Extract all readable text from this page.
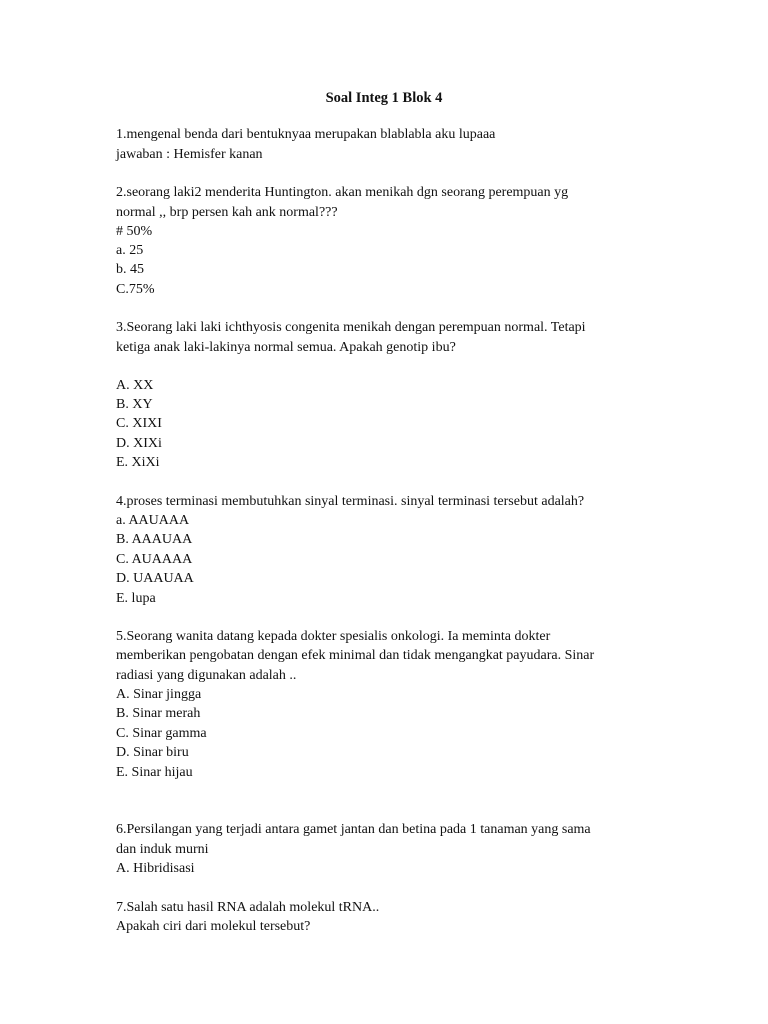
Soal Integ 1 Blok 4
1.mengenal benda dari bentuknyaa merupakan blablabla aku lupaaa
jawaban : Hemisfer kanan
2.seorang laki2 menderita Huntington. akan menikah dgn seorang perempuan yg
normal ,, brp persen kah ank normal???
# 50%
a. 25
b. 45
C.75%
3.Seorang laki laki ichthyosis congenita menikah dengan perempuan normal. Tetapi
ketiga anak laki-lakinya normal semua. Apakah genotip ibu?
A. XX
B. XY
C. XIXI
D. XIXi
E. XiXi
4.proses terminasi membutuhkan sinyal terminasi. sinyal terminasi tersebut adalah?
a. AAUAAA
B. AAAUAA
C. AUAAAA
D. UAAUAA
E. lupa
5.Seorang wanita datang kepada dokter spesialis onkologi. Ia meminta dokter
memberikan pengobatan dengan efek minimal dan tidak mengangkat payudara. Sinar
radiasi yang digunakan adalah ..
A. Sinar jingga
B. Sinar merah
C. Sinar gamma
D. Sinar biru
E. Sinar hijau
6.Persilangan yang terjadi antara gamet jantan dan betina pada 1 tanaman yang sama
dan induk murni
A. Hibridisasi
7.Salah satu hasil RNA adalah molekul tRNA..
Apakah ciri dari molekul tersebut?
